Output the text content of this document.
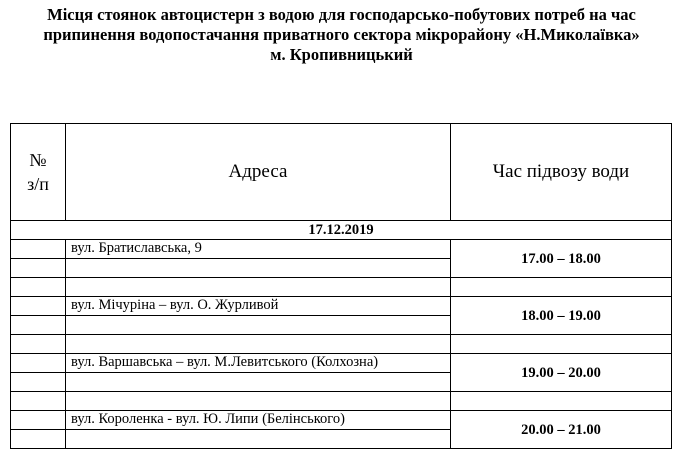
Місця стоянок автоцистерн з водою для господарсько-побутових потреб на час
припинення водопостачання приватного сектора мікрорайону «Н.Миколаївка»
м. Кропивницький
№
з/п	Адреса	Час підвозу води
17.12.2019		
	вул. Братиславська, 9	17.00 – 18.00

	вул. Мічуріна – вул. О. Журливой	18.00 – 19.00

	вул. Варшавська – вул. М.Левитського (Колхозна)	19.00 – 20.00

	вул. Короленка - вул. Ю. Липи (Белінського)	20.00 – 21.00
